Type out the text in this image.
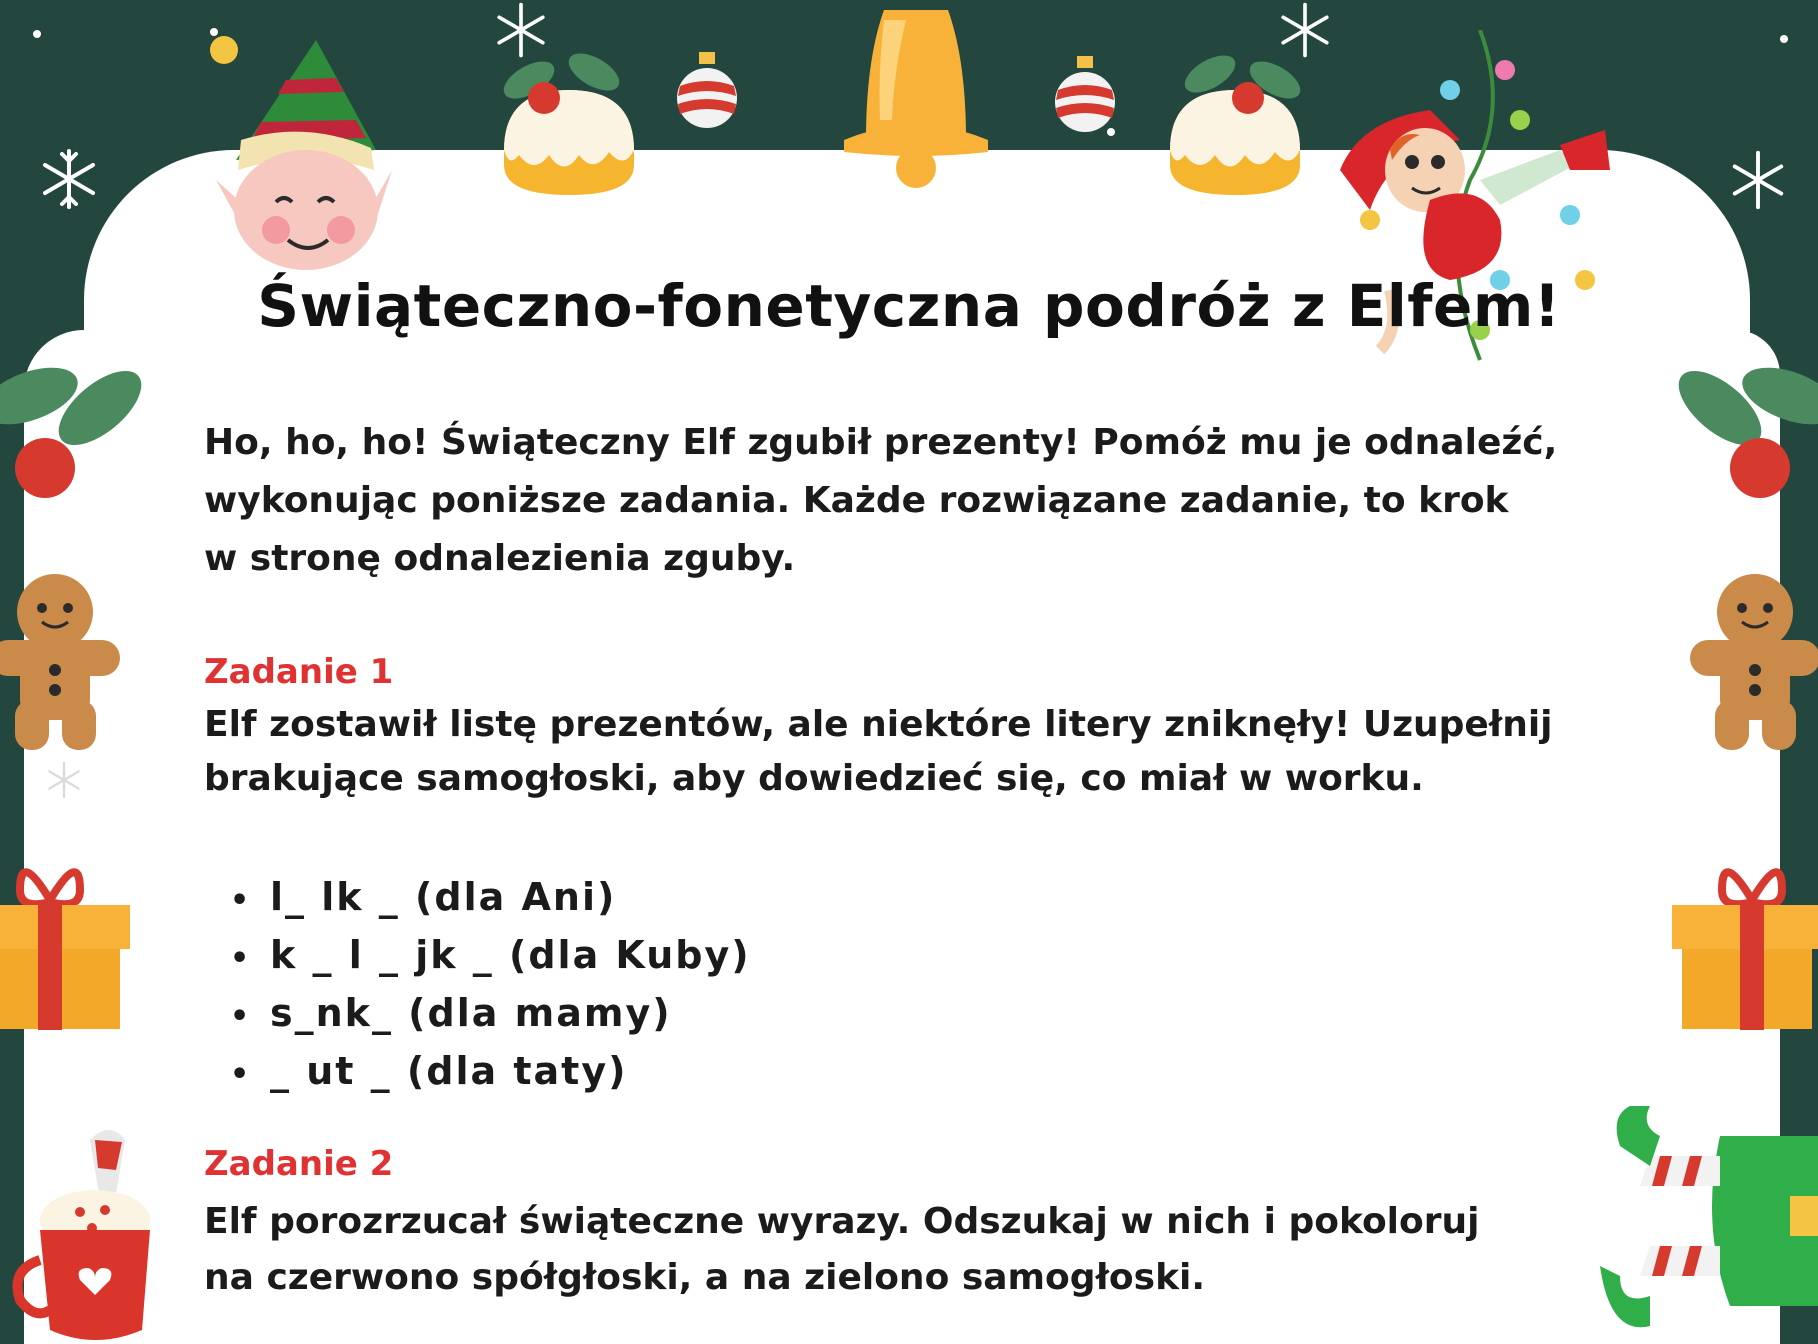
Świąteczno-fonetyczna podróż z Elfem!
Ho, ho, ho! Świąteczny Elf zgubił prezenty! Pomóż mu je odnaleźć,
wykonując poniższe zadania. Każde rozwiązane zadanie, to krok
w stronę odnalezienia zguby.
Zadanie 1
Elf zostawił listę prezentów, ale niektóre litery zniknęły! Uzupełnij
brakujące samogłoski, aby dowiedzieć się, co miał w worku.
• l_ lk _ (dla Ani)
• k _ l _ jk _ (dla Kuby)
• s_nk_ (dla mamy)
• _ ut _ (dla taty)
Zadanie 2
Elf porozrzucał świąteczne wyrazy. Odszukaj w nich i pokoloruj
na czerwono spółgłoski, a na zielono samogłoski.
